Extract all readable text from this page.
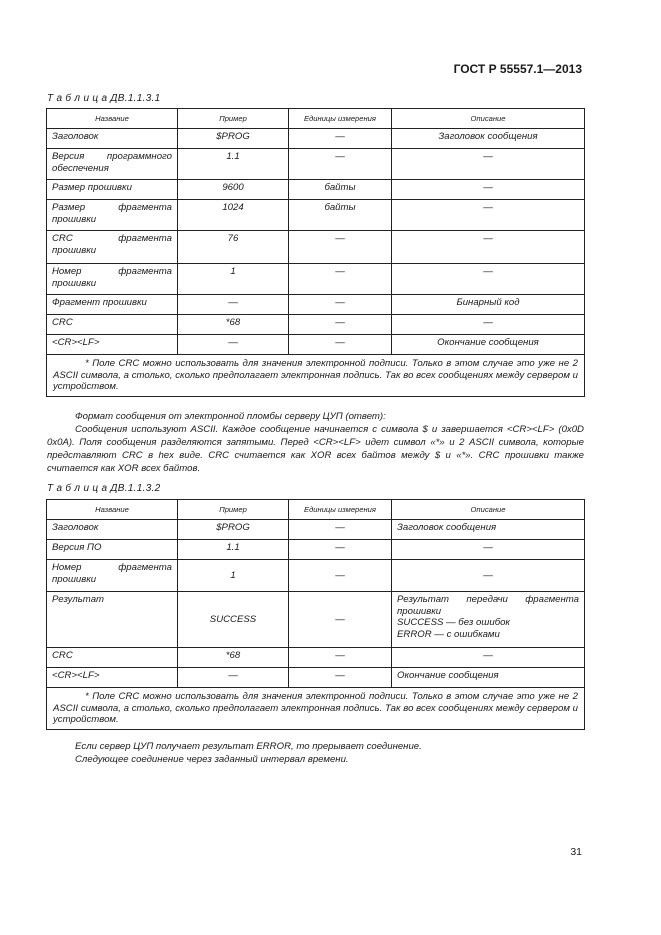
ГОСТ Р 55557.1—2013
Т а б л и ц а ДВ.1.1.3.1
Название	Пример	Единицы измерения	Описание
Заголовок	$PROG	—	Заголовок сообщения
Версия программного обеспечения	1.1	—	—
Размер прошивки	9600	байты	—
Размер фрагмента прошивки	1024	байты	—
CRC фрагмента прошивки	76	—	—
Номер фрагмента прошивки	1	—	—
Фрагмент прошивки	—	—	Бинарный код
CRC	*68	—	—
<CR><LF>	—	—	Окончание сообщения
* Поле CRC можно использовать для значения электронной подписи. Только в этом случае это уже не 2 ASCII символа, а столько, сколько предполагает электронная подпись. Так во всех сообщениях между сервером и устройством.			

Формат сообщения от электронной пломбы серверу ЦУП (ответ):

Сообщения используют ASCII. Каждое сообщение начинается с символа $ и завершается <CR><LF> (0x0D 0x0A). Поля сообщения разделяются запятыми. Перед <CR><LF> идет символ «*» и 2 ASCII символа, которые представляют CRC в hex виде. CRC считается как XOR всех байтов между $ и «*». CRC прошивки также считается как XOR всех байтов.

Т а б л и ц а ДВ.1.1.3.2
Название	Пример	Единицы измерения	Описание
Заголовок	$PROG	—	Заголовок сообщения
Версия ПО	1.1	—	—
Номер фрагмента прошивки	1	—	—
Результат	SUCCESS	—	Результат передачи фрагмента прошивки
SUCCESS — без ошибок
ERROR — с ошибками

CRC	*68	—	—
<CR><LF>	—	—	Окончание сообщения
* Поле CRC можно использовать для значения электронной подписи. Только в этом случае это уже не 2 ASCII символа, а столько, сколько предполагает электронная подпись. Так во всех сообщениях между сервером и устройством.			

Если сервер ЦУП получает результат ERROR, то прерывает соединение.

Следующее соединение через заданный интервал времени.

31
